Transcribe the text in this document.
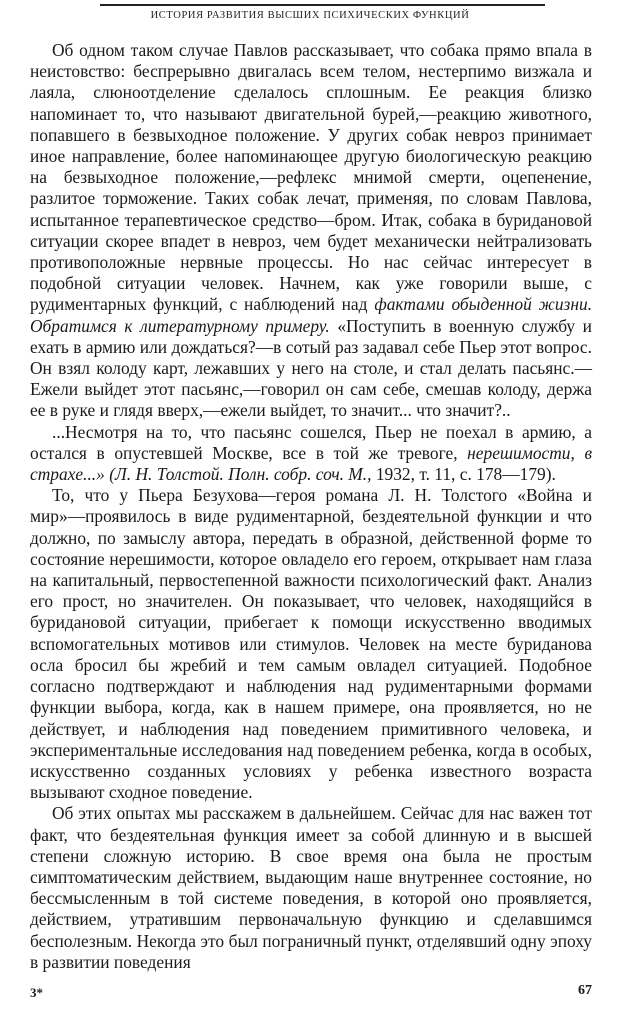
ИСТОРИЯ РАЗВИТИЯ ВЫСШИХ ПСИХИЧЕСКИХ ФУНКЦИЙ

Об одном таком случае Павлов рассказывает, что собака прямо впала в неистовство: беспрерывно двигалась всем телом, нестерпимо визжала и лаяла, слюноотделение сделалось сплошным. Ее реакция близко напоминает то, что называют двигательной бурей,—реакцию животного, попавшего в безвыходное положение. У других собак невроз принимает иное направление, более напоминающее другую биологическую реакцию на безвыходное положение,—рефлекс мнимой смерти, оцепенение, разлитое торможение. Таких собак лечат, применяя, по словам Павлова, испытанное терапевтическое средство—бром. Итак, собака в буридановой ситуации скорее впадет в невроз, чем будет механически нейтрализовать противоположные нервные процессы. Но нас сейчас интересует в подобной ситуации человек. Начнем, как уже говорили выше, с рудиментарных функций, с наблюдений над фактами обыденной жизни. Обратимся к литературному примеру. «Поступить в военную службу и ехать в армию или дождаться?—в сотый раз задавал себе Пьер этот вопрос. Он взял колоду карт, лежавших у него на столе, и стал делать пасьянс.—Ежели выйдет этот пасьянс,—говорил он сам себе, смешав колоду, держа ее в руке и глядя вверх,—ежели выйдет, то значит... что значит?..

...Несмотря на то, что пасьянс сошелся, Пьер не поехал в армию, а остался в опустевшей Москве, все в той же тревоге, нерешимости, в страхе...» (Л. Н. Толстой. Полн. собр. соч. М., 1932, т. 11, с. 178—179).

То, что у Пьера Безухова—героя романа Л. Н. Толстого «Война и мир»—проявилось в виде рудиментарной, бездеятельной функции и что должно, по замыслу автора, передать в образной, действенной форме то состояние нерешимости, которое овладело его героем, открывает нам глаза на капитальный, первостепенной важности психологический факт. Анализ его прост, но значителен. Он показывает, что человек, находящийся в буридановой ситуации, прибегает к помощи искусственно вводимых вспомогательных мотивов или стимулов. Человек на месте буриданова осла бросил бы жребий и тем самым овладел ситуацией. Подобное согласно подтверждают и наблюдения над рудиментарными формами функции выбора, когда, как в нашем примере, она проявляется, но не действует, и наблюдения над поведением примитивного человека, и экспериментальные исследования над поведением ребенка, когда в особых, искусственно созданных условиях у ребенка известного возраста вызывают сходное поведение.

Об этих опытах мы расскажем в дальнейшем. Сейчас для нас важен тот факт, что бездеятельная функция имеет за собой длинную и в высшей степени сложную историю. В свое время она была не простым симптоматическим действием, выдающим наше внутреннее состояние, но бессмысленным в той системе поведения, в которой оно проявляется, действием, утратившим первоначальную функцию и сделавшимся бесполезным. Некогда это был пограничный пункт, отделявший одну эпоху в развитии поведения

3*	67
